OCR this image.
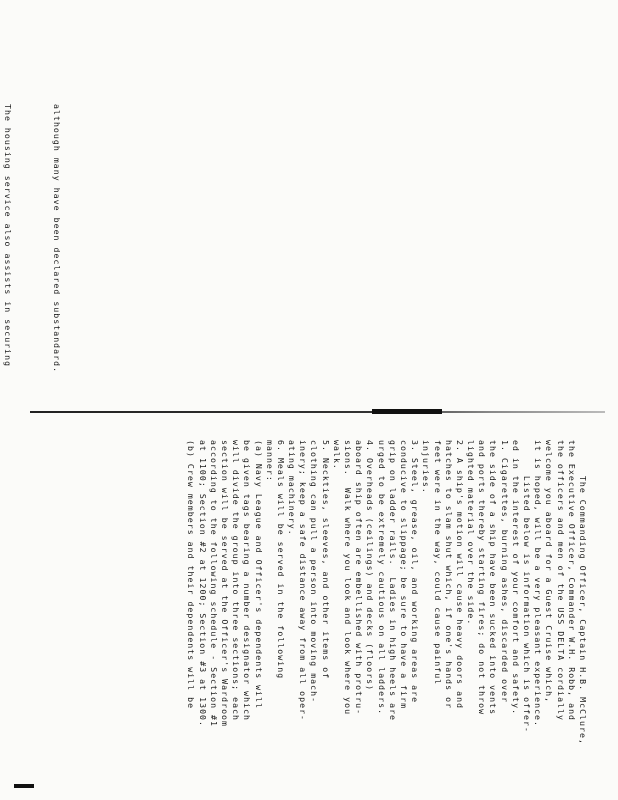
although many have been declared substandard.

The housing service also assists in securing

The Commanding Officer, Captain H.B. McClure,
the Executive Officer, Commander W.H. Robb, and
the officers and men of the USS DELTA cordially
welcome you aboard for a Guest Cruise which,
it is hoped, will be a very pleasant experience.
Listed below is information which is offer-
ed in the interest of your comfort and safety.
1. Cigarettes, burning ashes, discarded over
the side of a ship have been sucked into vents
and ports thereby starting fires; do not throw
lighted material over the side.
2. A ship's motion will cause heavy doors and
hatches to slam shut which, if one's hands or
feet were in the way, could cause painful
injuries.
3. Steel, grease, oil, and working areas are
conducive to slippage; be sure to have a firm
grip on ladder rails.  Ladies in high heels are
urged to be extremely cautious on all ladders.
4. Overheads (ceilings) and decks (floors)
aboard ship often are embellished with protru-
sions.  Walk where you look and look where you
walk.
5. Neckties, sleeves, and other items of
clothing can pull a person into moving mach-
inery; keep a safe distance away from all oper-
ating machinery.
6. Meals will be served in the following
manner:
(a) Navy League and Officer's dependents will
be given tags bearing a number designator which
will divide the group into three sections; each
section will be served at the Officer's Wardroom
according to the following schedule - Section #1
at 1100; Section #2 at 1200; Section #3 at 1300.
(b) Crew members and their dependents will be
